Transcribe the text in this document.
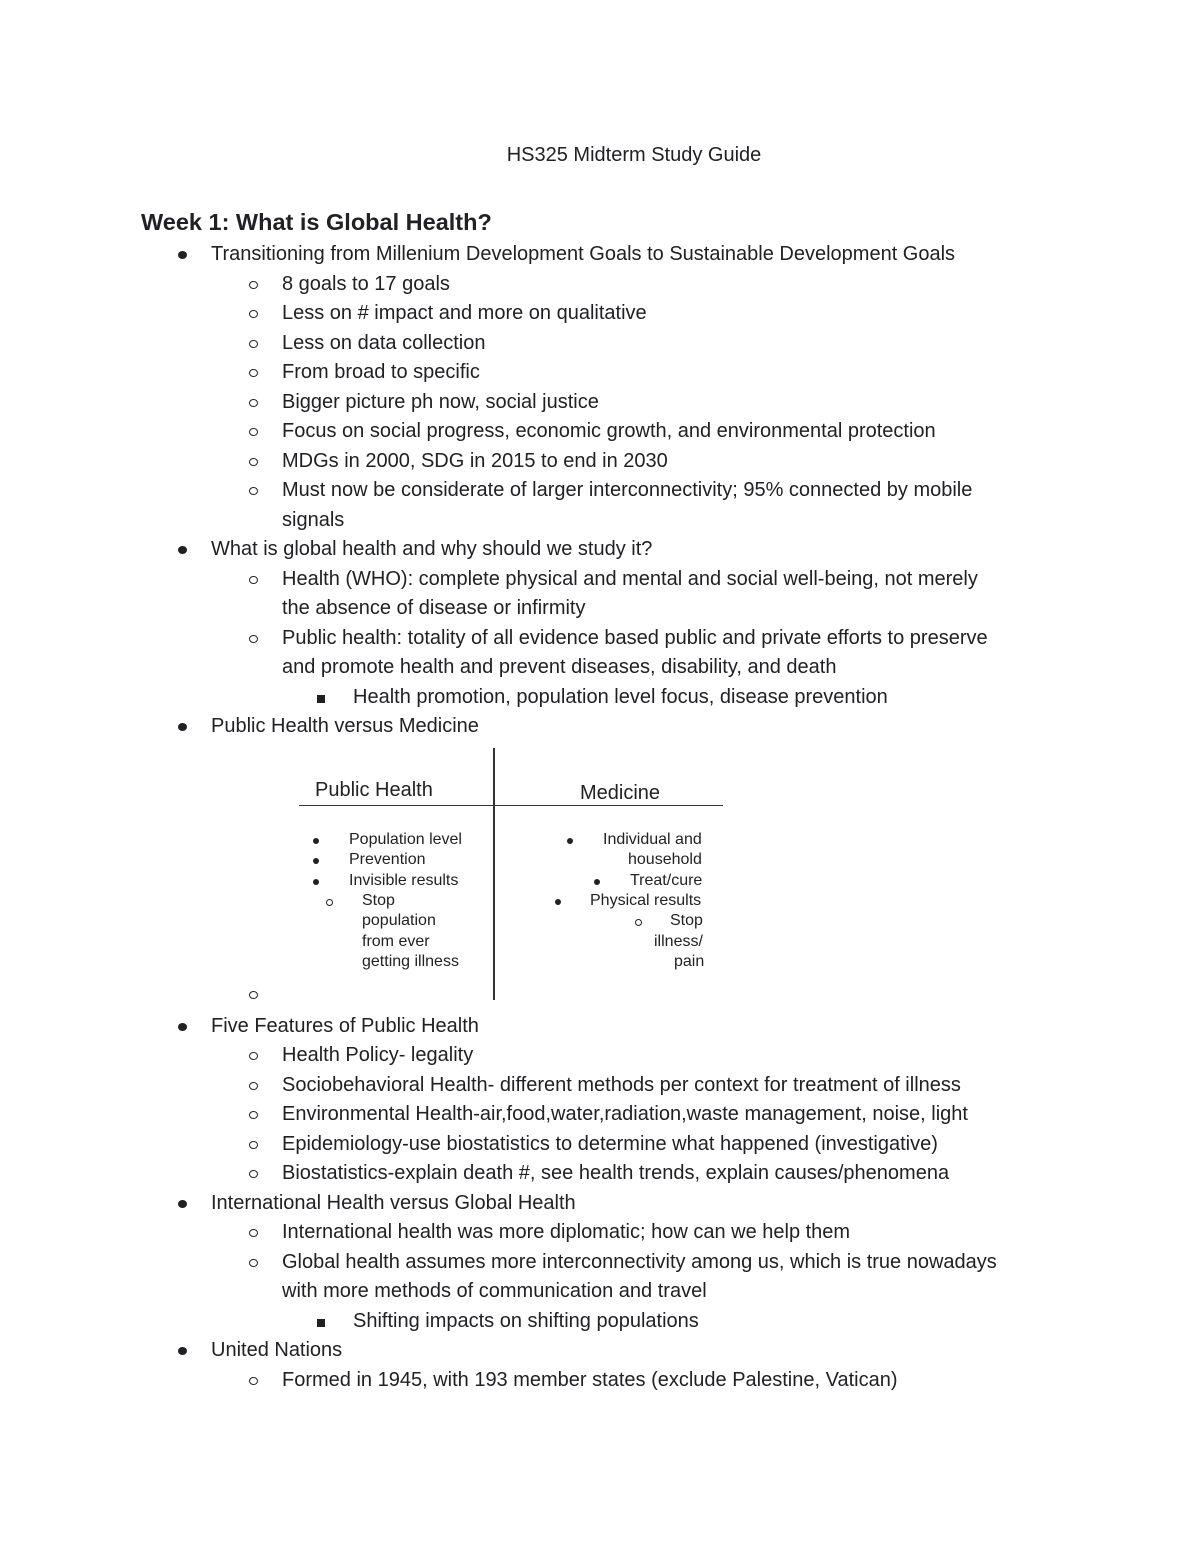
HS325 Midterm Study Guide
Week 1: What is Global Health?
Transitioning from Millenium Development Goals to Sustainable Development Goals
8 goals to 17 goals
Less on # impact and more on qualitative
Less on data collection
From broad to specific
Bigger picture ph now, social justice
Focus on social progress, economic growth, and environmental protection
MDGs in 2000, SDG in 2015 to end in 2030
Must now be considerate of larger interconnectivity; 95% connected by mobile
signals
What is global health and why should we study it?
Health (WHO): complete physical and mental and social well-being, not merely
the absence of disease or infirmity
Public health: totality of all evidence based public and private efforts to preserve
and promote health and prevent diseases, disability, and death
Health promotion, population level focus, disease prevention
Public Health versus Medicine
Public Health	Medicine
Population level
Prevention
Invisible results
Stop
population
from ever
getting illness
Individual and
household
Treat/cure
Physical results
Stop
illness/
pain
Five Features of Public Health
Health Policy- legality
Sociobehavioral Health- different methods per context for treatment of illness
Environmental Health-air,food,water,radiation,waste management, noise, light
Epidemiology-use biostatistics to determine what happened (investigative)
Biostatistics-explain death #, see health trends, explain causes/phenomena
International Health versus Global Health
International health was more diplomatic; how can we help them
Global health assumes more interconnectivity among us, which is true nowadays
with more methods of communication and travel
Shifting impacts on shifting populations
United Nations
Formed in 1945, with 193 member states (exclude Palestine, Vatican)
